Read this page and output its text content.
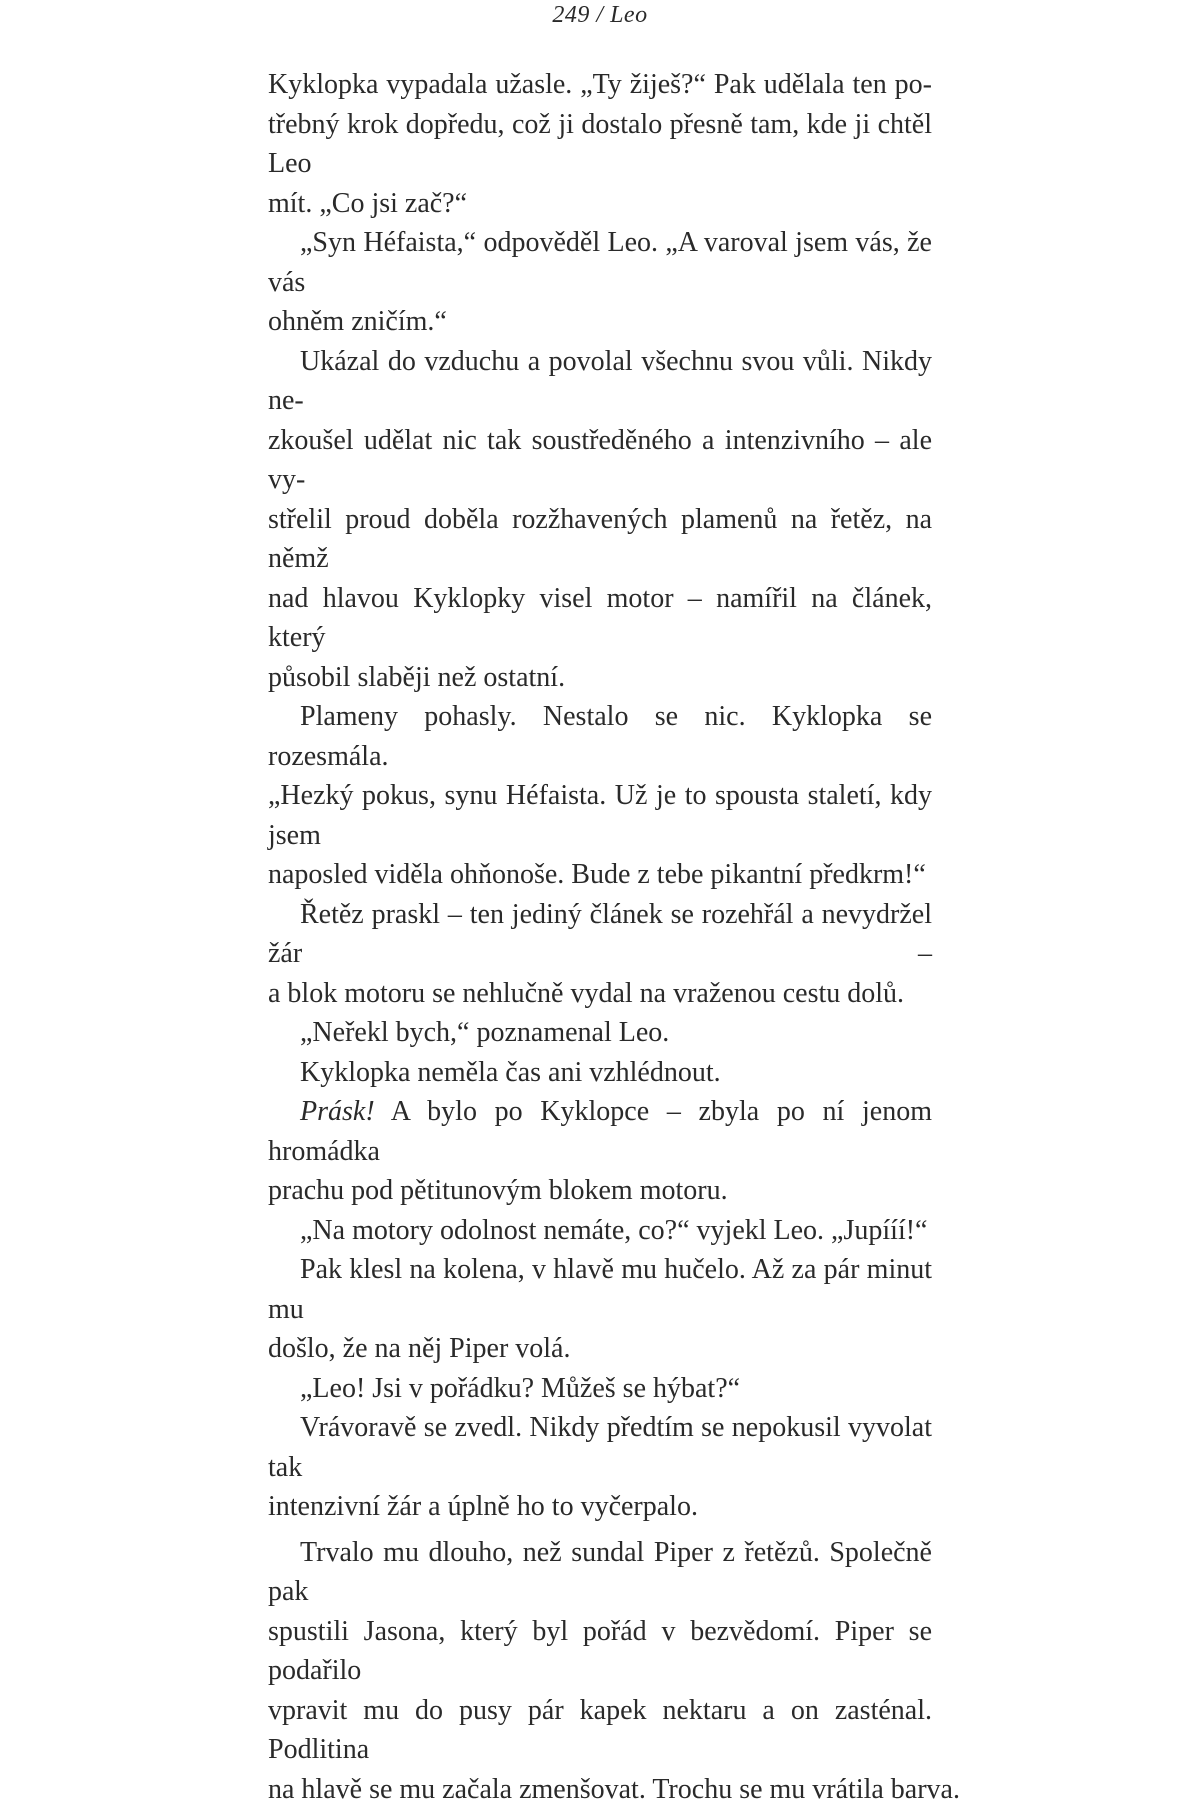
249 / Leo
Kyklopka vypadala užasle. „Ty žiješ?“ Pak udělala ten po-
třebný krok dopředu, což ji dostalo přesně tam, kde ji chtěl Leo
mít. „Co jsi zač?“
„Syn Héfaista,“ odpověděl Leo. „A varoval jsem vás, že vás
ohněm zničím.“
Ukázal do vzduchu a povolal všechnu svou vůli. Nikdy ne-
zkoušel udělat nic tak soustředěného a intenzivního – ale vy-
střelil proud doběla rozžhavených plamenů na řetěz, na němž
nad hlavou Kyklopky visel motor – namířil na článek, který
působil slaběji než ostatní.
Plameny pohasly. Nestalo se nic. Kyklopka se rozesmála.
„Hezký pokus, synu Héfaista. Už je to spousta staletí, kdy jsem
naposled viděla ohňonoše. Bude z tebe pikantní předkrm!“
Řetěz praskl – ten jediný článek se rozehřál a nevydržel žár –
a blok motoru se nehlučně vydal na vraženou cestu dolů.
„Neřekl bych,“ poznamenal Leo.
Kyklopka neměla čas ani vzhlédnout.
Prásk! A bylo po Kyklopce – zbyla po ní jenom hromádka
prachu pod pětitunovým blokem motoru.
„Na motory odolnost nemáte, co?“ vyjekl Leo. „Jupííí!“
Pak klesl na kolena, v hlavě mu hučelo. Až za pár minut mu
došlo, že na něj Piper volá.
„Leo! Jsi v pořádku? Můžeš se hýbat?“
Vrávoravě se zvedl. Nikdy předtím se nepokusil vyvolat tak
intenzivní žár a úplně ho to vyčerpalo.
Trvalo mu dlouho, než sundal Piper z řetězů. Společně pak
spustili Jasona, který byl pořád v bezvědomí. Piper se podařilo
vpravit mu do pusy pár kapek nektaru a on zasténal. Podlitina
na hlavě se mu začala zmenšovat. Trochu se mu vrátila barva.
